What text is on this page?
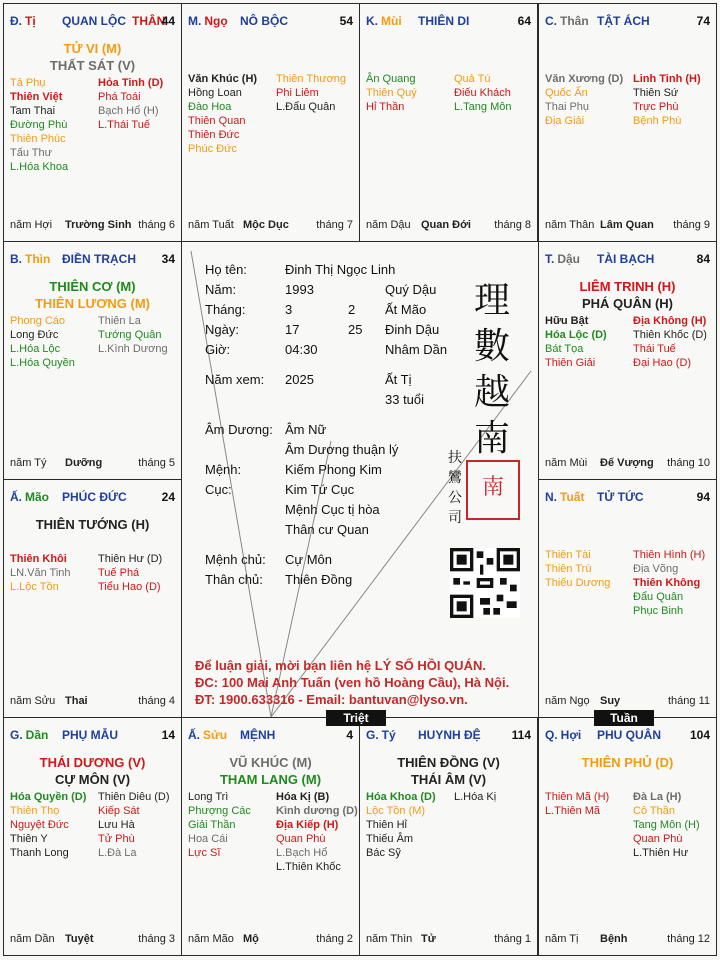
Họ tên:	Đinh Thị Ngọc Linh
Năm:	1993	Quý Dậu
Tháng:	3	2 Ất Mão
Ngày:	17	25 Đinh Dậu
Giờ:	04:30	Nhâm Dần
Năm xem: 2025	Ất Tị
33 tuổi
Âm Dương: Âm Nữ
Âm Dương thuận lý
Mệnh:	Kiếm Phong Kim
Cục:	Kim Tứ Cục
Mệnh Cục tị hòa
Thân cư Quan
Mệnh chủ: Cự Môn
Thân chủ: Thiên Đồng
理數越南
扶鸞公司
南
Để luận giải, mời bạn liên hệ LÝ SỐ HỒI QUÁN.
ĐC: 100 Mai Anh Tuấn (ven hồ Hoàng Cầu), Hà Nội.
ĐT: 1900.633316 - Email: bantuvan@lyso.vn.
Đ. Tị QUAN LỘC THÂN
44
TỬ VI (M)
THẤT SÁT (V)
Tả Phụ
Thiên Việt
Tam Thai
Đường Phù
Thiên Phúc
Tấu Thư
L.Hóa Khoa
Hỏa Tinh (D)
Phá Toái
Bạch Hổ (H)
L.Thái Tuế
năm Hợi Trường Sinh tháng 6
M. Ngọ NÔ BỘC	54
Văn Khúc (H)
Hồng Loan
Đào Hoa
Thiên Quan
Thiên Đức
Phúc Đức
Thiên Thương
Phi Liêm
L.Đẩu Quân
năm Tuất Mộc Dục tháng 7
K. Mùi THIÊN DI	64
Ân Quang
Thiên Quý
Hỉ Thần
Quả Tú
Điếu Khách
L.Tang Môn
năm Dậu Quan Đới tháng 8
C. Thân TẬT ÁCH	74
Văn Xương (D)
Quốc Ấn
Thai Phụ
Địa Giải
Linh Tinh (H)
Thiên Sứ
Trực Phù
Bệnh Phù
năm Thân Lâm Quan tháng 9
B. Thìn ĐIỀN TRẠCH 34
THIÊN CƠ (M)
THIÊN LƯƠNG (M)
Phong Cáo
Long Đức
L.Hóa Lộc
L.Hóa Quyền
Thiên La
Tướng Quân
L.Kình Dương
năm Tý Dưỡng	tháng 5
T. Dậu TÀI BẠCH	84
LIÊM TRINH (H)
PHÁ QUÂN (H)
Hữu Bật
Hóa Lộc (D)
Bát Tọa
Thiên Giải
Địa Không (H)
Thiên Khốc (D)
Thái Tuế
Đại Hao (D)
năm Mùi Đế Vượng tháng 10
Ấ. Mão PHÚC ĐỨC	24
THIÊN TƯỚNG (H)
Thiên Khôi
LN.Văn Tinh
L.Lộc Tồn
Thiên Hư (D)
Tuế Phá
Tiểu Hao (D)
năm Sửu Thai	tháng 4
N. Tuất TỬ TỨC	94
Thiên Tài
Thiên Trù
Thiếu Dương
Thiên Hình (H)
Địa Võng
Thiên Không
Đẩu Quân
Phục Binh
năm Ngọ Suy	tháng 11
G. Dần PHỤ MẪU	14
THÁI DƯƠNG (V)
CỰ MÔN (V)
Hóa Quyền (D)
Thiên Thọ
Nguyệt Đức
Thiên Y
Thanh Long
Thiên Diêu (D)
Kiếp Sát
Lưu Hà
Tử Phù
L.Đà La
năm Dần Tuyệt	tháng 3
Ấ. Sửu MỆNH	4
VŨ KHÚC (M)
THAM LANG (M)
Long Trì
Phượng Các
Giải Thần
Hoa Cái
Lực Sĩ
Hóa Kị (B)
Kình dương (D)
Địa Kiếp (H)
Quan Phù
L.Bạch Hổ
L.Thiên Khốc
năm Mão Mộ	tháng 2
G. Tý HUYNH ĐỆ	114
THIÊN ĐỒNG (V)
THÁI ÂM (V)
Hóa Khoa (D)
Lộc Tồn (M)
Thiên Hỉ
Thiếu Âm
Bác Sỹ
L.Hóa Kị
năm Thìn Tử	tháng 1
Q. Hợi PHU QUÂN 104
THIÊN PHỦ (D)
Thiên Mã (H)
L.Thiên Mã
Đà La (H)
Cô Thần
Tang Môn (H)
Quan Phù
L.Thiên Hư
năm Tị Bệnh	tháng 12
Triệt	Tuần
